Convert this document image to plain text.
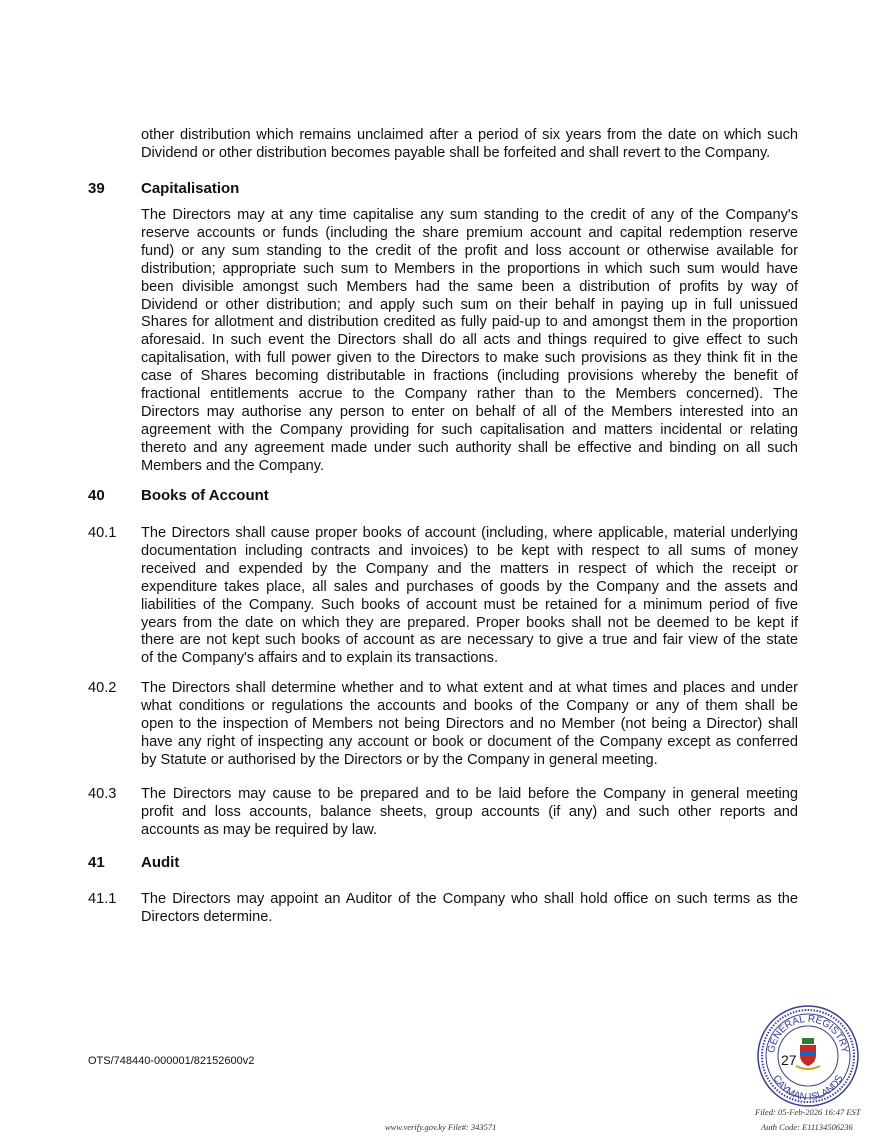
other distribution which remains unclaimed after a period of six years from the date on which such
Dividend or other distribution becomes payable shall be forfeited and shall revert to the Company.
39 Capitalisation
The Directors may at any time capitalise any sum standing to the credit of any of the Company's
reserve accounts or funds (including the share premium account and capital redemption reserve
fund) or any sum standing to the credit of the profit and loss account or otherwise available for
distribution; appropriate such sum to Members in the proportions in which such sum would have
been divisible amongst such Members had the same been a distribution of profits by way of
Dividend or other distribution; and apply such sum on their behalf in paying up in full unissued
Shares for allotment and distribution credited as fully paid-up to and amongst them in the proportion
aforesaid. In such event the Directors shall do all acts and things required to give effect to such
capitalisation, with full power given to the Directors to make such provisions as they think fit in the
case of Shares becoming distributable in fractions (including provisions whereby the benefit of
fractional entitlements accrue to the Company rather than to the Members concerned). The
Directors may authorise any person to enter on behalf of all of the Members interested into an
agreement with the Company providing for such capitalisation and matters incidental or relating
thereto and any agreement made under such authority shall be effective and binding on all such
Members and the Company.
40 Books of Account
40.1 The Directors shall cause proper books of account (including, where applicable, material underlying
documentation including contracts and invoices) to be kept with respect to all sums of money
received and expended by the Company and the matters in respect of which the receipt or
expenditure takes place, all sales and purchases of goods by the Company and the assets and
liabilities of the Company. Such books of account must be retained for a minimum period of five
years from the date on which they are prepared. Proper books shall not be deemed to be kept if
there are not kept such books of account as are necessary to give a true and fair view of the state
of the Company's affairs and to explain its transactions.
40.2 The Directors shall determine whether and to what extent and at what times and places and under
what conditions or regulations the accounts and books of the Company or any of them shall be
open to the inspection of Members not being Directors and no Member (not being a Director) shall
have any right of inspecting any account or book or document of the Company except as conferred
by Statute or authorised by the Directors or by the Company in general meeting.
40.3 The Directors may cause to be prepared and to be laid before the Company in general meeting
profit and loss accounts, balance sheets, group accounts (if any) and such other reports and
accounts as may be required by law.
41 Audit
41.1 The Directors may appoint an Auditor of the Company who shall hold office on such terms as the
Directors determine.
OTS/748440-000001/82152600v2
GENERAL REGISTRY
CAYMAN ISLANDS
27
Filed: 05-Feb-2026 16:47 EST
www.verify.gov.ky File#: 343571	Auth Code: E11134506236
